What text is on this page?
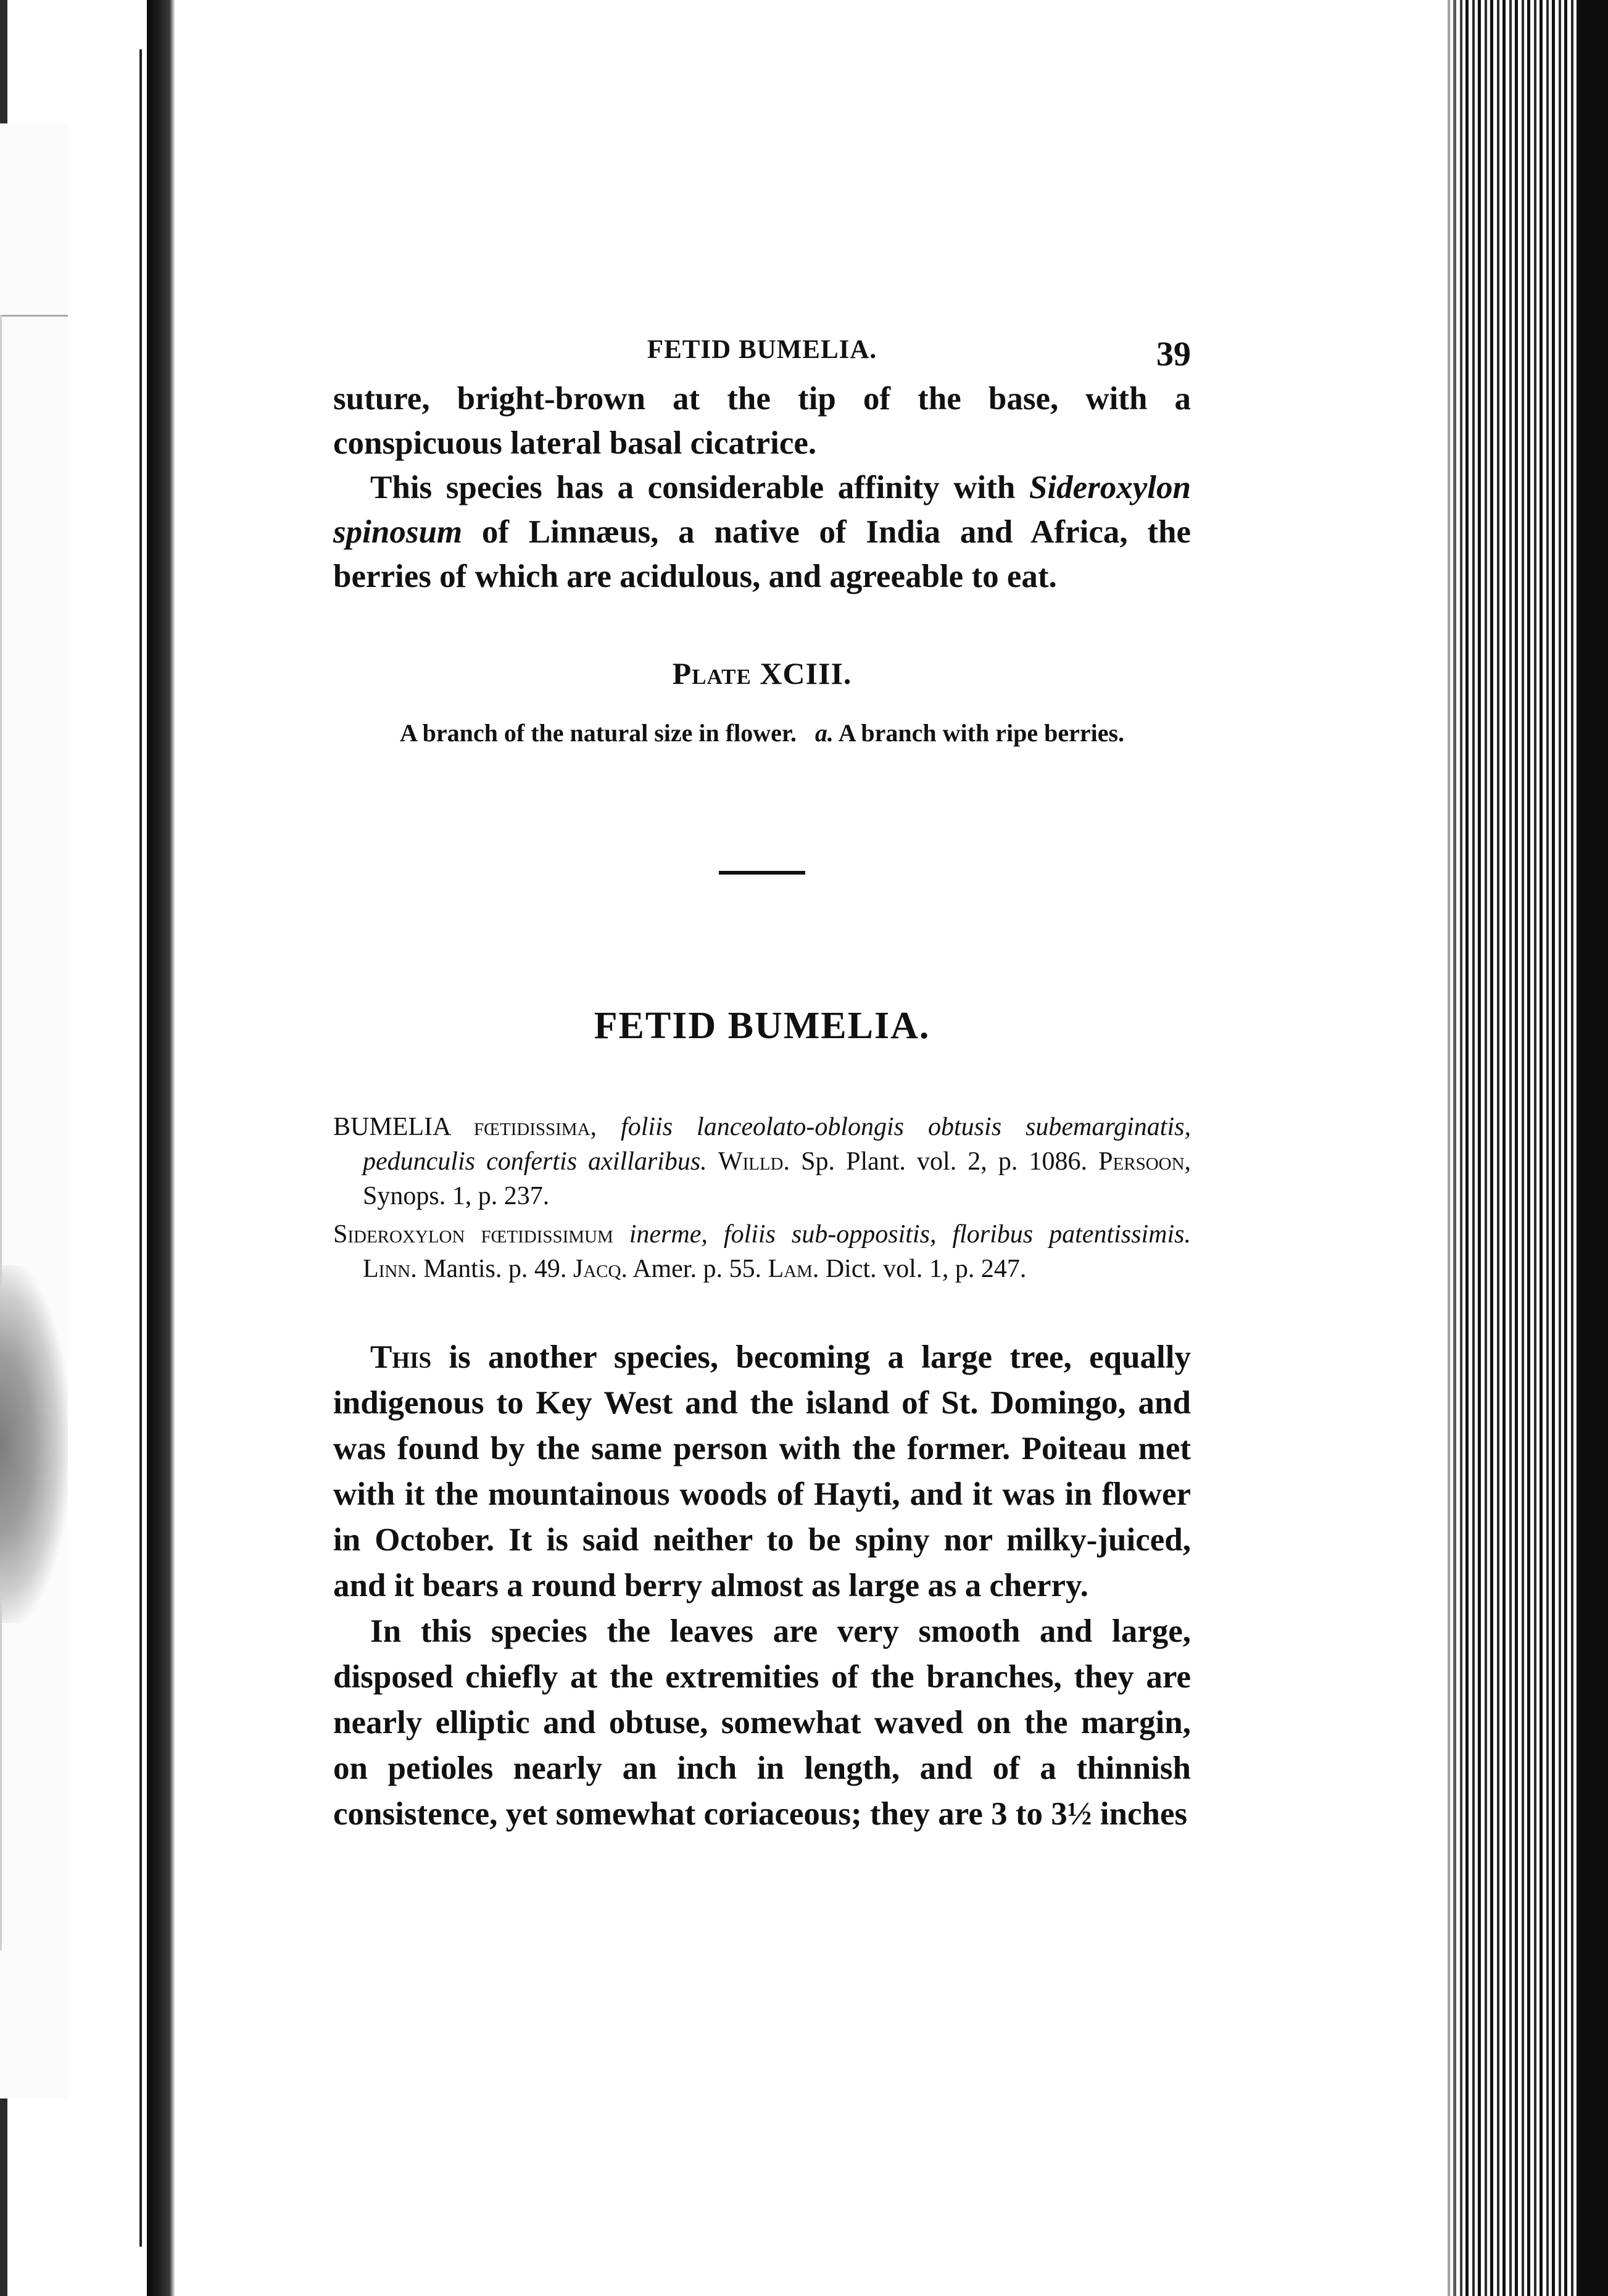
FETID BUMELIA.	39

suture, bright-brown at the tip of the base, with a conspicuous lateral basal cicatrice.

This species has a considerable affinity with Sideroxylon spinosum of Linnæus, a native of India and Africa, the berries of which are acidulous, and agreeable to eat.

Plate XCIII.
A branch of the natural size in flower. a. A branch with ripe berries.
FETID BUMELIA.

BUMELIA fœtidissima, foliis lanceolato-oblongis obtusis subemarginatis, pedunculis confertis axillaribus. Willd. Sp. Plant. vol. 2, p. 1086. Persoon, Synops. 1, p. 237.

Sideroxylon fœtidissimum inerme, foliis sub-oppositis, floribus patentissimis. Linn. Mantis. p. 49. Jacq. Amer. p. 55. Lam. Dict. vol. 1, p. 247.

This is another species, becoming a large tree, equally indigenous to Key West and the island of St. Domingo, and was found by the same person with the former. Poiteau met with it the mountainous woods of Hayti, and it was in flower in October. It is said neither to be spiny nor milky-juiced, and it bears a round berry almost as large as a cherry.

In this species the leaves are very smooth and large, disposed chiefly at the extremities of the branches, they are nearly elliptic and obtuse, somewhat waved on the margin, on petioles nearly an inch in length, and of a thinnish consistence, yet somewhat coriaceous; they are 3 to 3½ inches
